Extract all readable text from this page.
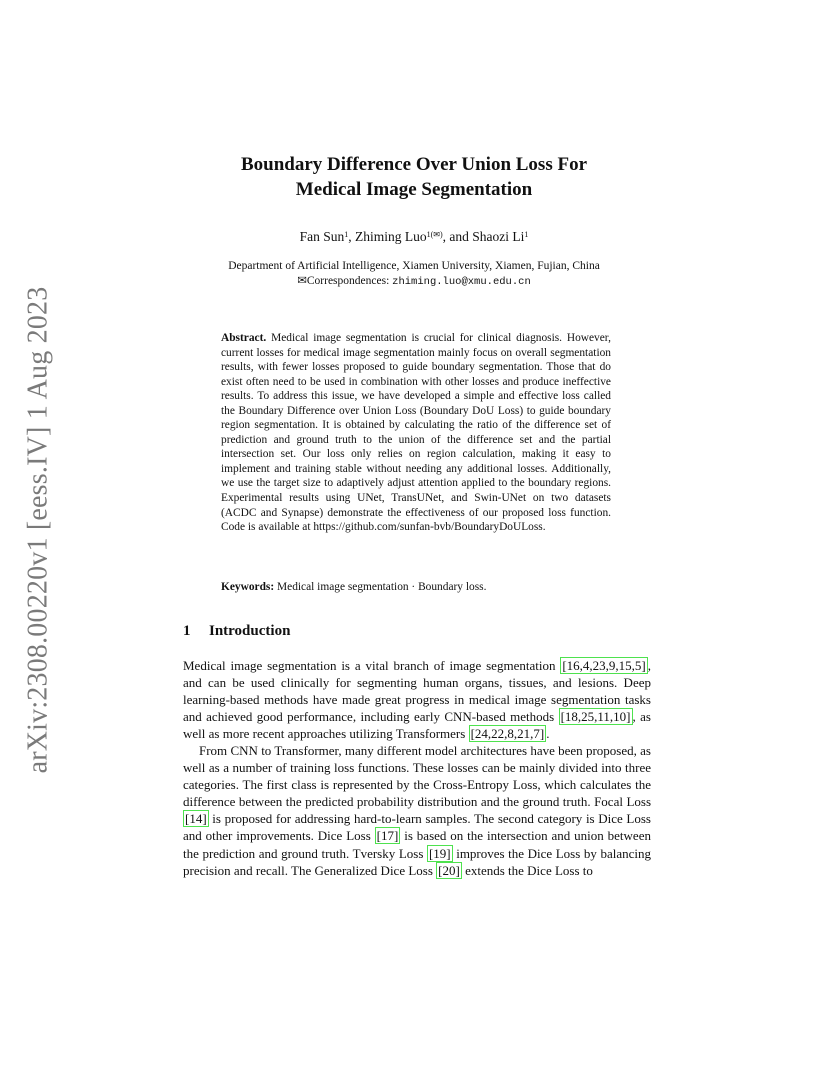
arXiv:2308.00220v1 [eess.IV] 1 Aug 2023
Boundary Difference Over Union Loss For
Medical Image Segmentation
Fan Sun$^1$, Zhiming Luo$^{1(✉)}$, and Shaozi Li$^1$
Department of Artificial Intelligence, Xiamen University, Xiamen, Fujian, China
✉Correspondences: zhiming.luo@xmu.edu.cn
Abstract. Medical image segmentation is crucial for clinical diagnosis. However, current losses for medical image segmentation mainly focus on overall segmentation results, with fewer losses proposed to guide boundary segmentation. Those that do exist often need to be used in combination with other losses and produce ineffective results. To address this issue, we have developed a simple and effective loss called the Boundary Difference over Union Loss (Boundary DoU Loss) to guide boundary region segmentation. It is obtained by calculating the ratio of the difference set of prediction and ground truth to the union of the difference set and the partial intersection set. Our loss only relies on region calculation, making it easy to implement and training stable without needing any additional losses. Additionally, we use the target size to adaptively adjust attention applied to the boundary regions. Experimental results using UNet, TransUNet, and Swin-UNet on two datasets (ACDC and Synapse) demonstrate the effectiveness of our proposed loss function. Code is available at https://github.com/sunfan-bvb/BoundaryDoULoss.
Keywords: Medical image segmentation · Boundary loss.
1 Introduction

Medical image segmentation is a vital branch of image segmentation [16,4,23,9,15,5] , and can be used clinically for segmenting human organs, tissues, and lesions. Deep learning-based methods have made great progress in medical image segmentation tasks and achieved good performance, including early CNN-based methods [18,25,11,10] , as well as more recent approaches utilizing Transformers [24,22,8,21,7] .

From CNN to Transformer, many different model architectures have been proposed, as well as a number of training loss functions. These losses can be mainly divided into three categories. The first class is represented by the Cross-Entropy Loss, which calculates the difference between the predicted probability distribution and the ground truth. Focal Loss [14] is proposed for addressing hard-to-learn samples. The second category is Dice Loss and other improvements. Dice Loss [17] is based on the intersection and union between the prediction and ground truth. Tversky Loss [19] improves the Dice Loss by balancing precision and recall. The Generalized Dice Loss [20] extends the Dice Loss to
